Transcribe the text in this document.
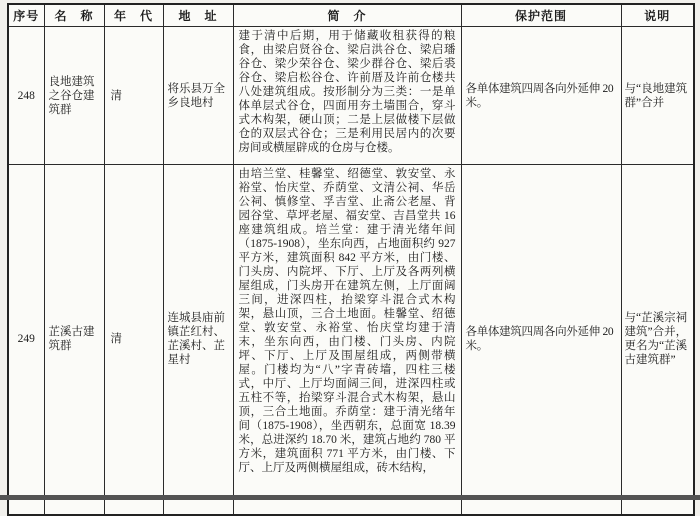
序号	名　称	年　代	地　址	简　介	保护范围	说明
248	良地建筑之谷仓建筑群	清	将乐县万全乡良地村	建于清中后期，用于储藏收租获得的粮食，由梁启贤谷仓、梁启洪谷仓、梁启璠谷仓、梁少荣谷仓、梁少群谷仓、梁后裘谷仓、梁启松谷仓、许前厝及许前仓楼共八处建筑组成。按形制分为三类：一是单体单层式谷仓，四面用夯土墙围合，穿斗式木构架，硬山顶；二是上层做楼下层做仓的双层式谷仓；三是利用民居内的次要房间或横屋辟成的仓房与仓楼。	各单体建筑四周各向外延伸 20 米。	与“良地建筑群”合并
249	芷溪古建筑群	清	连城县庙前镇芷红村、芷溪村、芷星村	由培兰堂、桂馨堂、绍德堂、敦安堂、永裕堂、怡庆堂、乔荫堂、文清公祠、华岳公祠、慎修堂、孚吉堂、止斋公老屋、背园谷堂、草坪老屋、福安堂、吉昌堂共 16 座建筑组成。培兰堂：建于清光绪年间（1875-1908），坐东向西，占地面积约 927 平方米，建筑面积 842 平方米，由门楼、门头房、内院坪、下厅、上厅及各两列横屋组成，门头房开在建筑左侧，上厅面阔三间，进深四柱，抬梁穿斗混合式木构架，悬山顶，三合土地面。桂馨堂、绍德堂、敦安堂、永裕堂、怡庆堂均建于清末，坐东向西，由门楼、门头房、内院坪、下厅、上厅及围屋组成，两侧带横屋。门楼均为“八”字青砖墙，四柱三楼式，中厅、上厅均面阔三间，进深四柱或五柱不等，抬梁穿斗混合式木构架，悬山顶，三合土地面。乔荫堂：建于清光绪年间（1875-1908），坐西朝东，总面宽 18.39 米，总进深约 18.70 米，建筑占地约 780 平方米，建筑面积 771 平方米，由门楼、下厅、上厅及两侧横屋组成，砖木结构，	各单体建筑四周各向外延伸 20 米。	与“芷溪宗祠建筑”合并，更名为“芷溪古建筑群”
